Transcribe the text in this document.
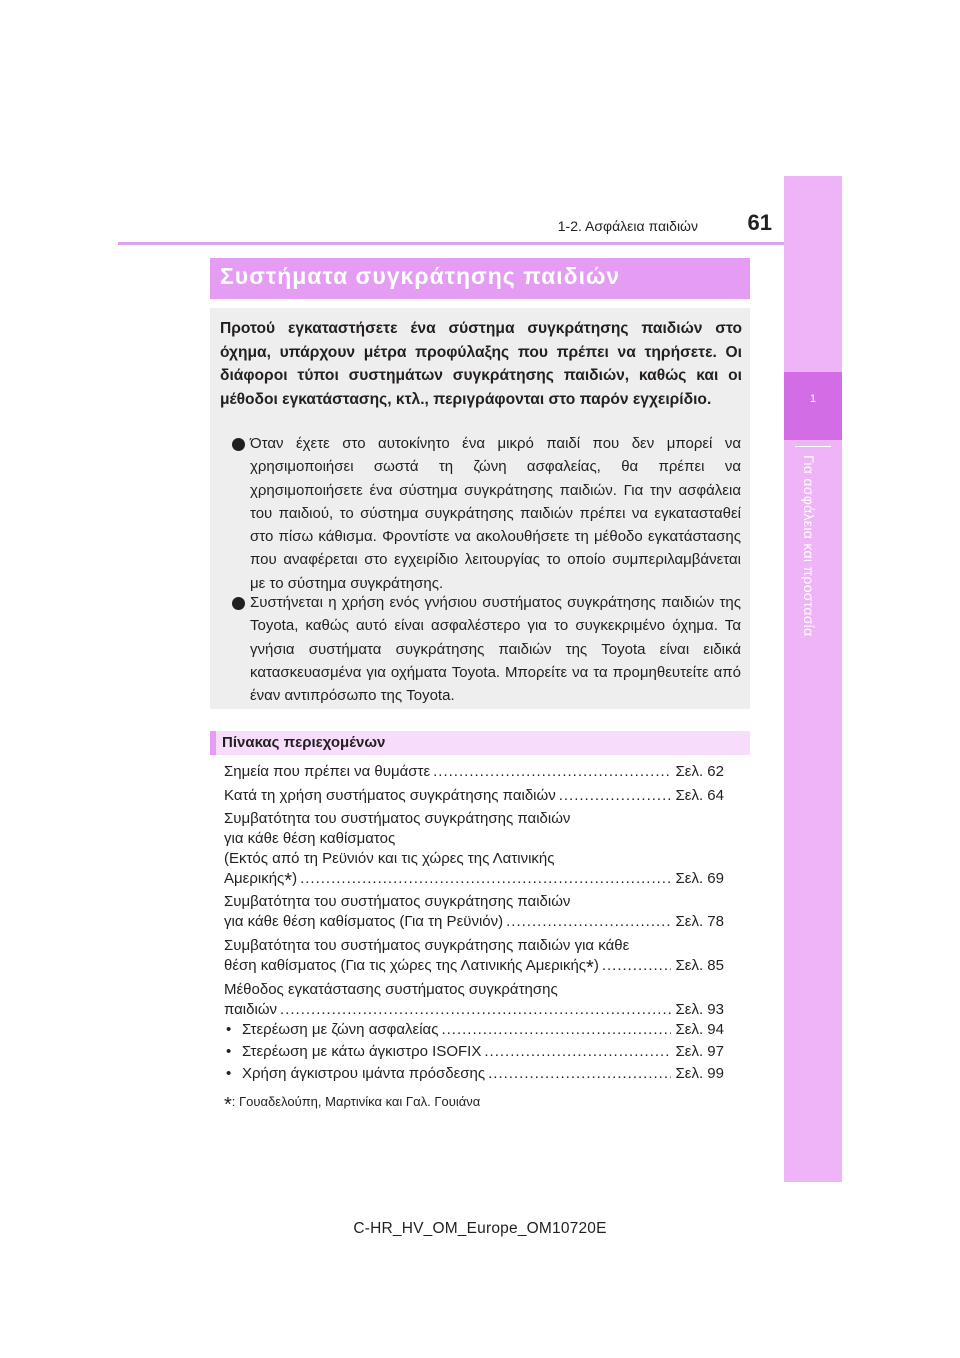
1-2. Ασφάλεια παιδιών 61
1
Για ασφάλεια και προστασία
Συστήματα συγκράτησης παιδιών

Προτού εγκαταστήσετε ένα σύστημα συγκράτησης παιδιών στο όχημα, υπάρχουν μέτρα προφύλαξης που πρέπει να τηρήσετε. Οι διάφοροι τύποι συστημάτων συγκράτησης παιδιών, καθώς και οι μέθοδοι εγκατάστασης, κτλ., περιγράφονται στο παρόν εγχειρίδιο.

Όταν έχετε στο αυτοκίνητο ένα μικρό παιδί που δεν μπορεί να χρησιμοποιήσει σωστά τη ζώνη ασφαλείας, θα πρέπει να χρησιμοποιήσετε ένα σύστημα συγκράτησης παιδιών. Για την ασφάλεια του παιδιού, το σύστημα συγκράτησης παιδιών πρέπει να εγκατασταθεί στο πίσω κάθισμα. Φροντίστε να ακολουθήσετε τη μέθοδο εγκατάστασης που αναφέρεται στο εγχειρίδιο λειτουργίας το οποίο συμπεριλαμβάνεται με το σύστημα συγκράτησης.

Συστήνεται η χρήση ενός γνήσιου συστήματος συγκράτησης παιδιών της Toyota, καθώς αυτό είναι ασφαλέστερο για το συγκεκριμένο όχημα. Τα γνήσια συστήματα συγκράτησης παιδιών της Toyota είναι ειδικά κατασκευασμένα για οχήματα Toyota. Μπορείτε να τα προμηθευτείτε από έναν αντιπρόσωπο της Toyota.

Πίνακας περιεχομένων
Σημεία που πρέπει να θυμάστε .....	Σελ. 62
Κατά τη χρήση συστήματος συγκράτησης παιδιών .....	Σελ. 64
Συμβατότητα του συστήματος συγκράτησης παιδιών
για κάθε θέση καθίσματος
(Εκτός από τη Ρεϋνιόν και τις χώρες της Λατινικής
Αμερικής*) .....	Σελ. 69
Συμβατότητα του συστήματος συγκράτησης παιδιών
για κάθε θέση καθίσματος (Για τη Ρεϋνιόν) .....	Σελ. 78
Συμβατότητα του συστήματος συγκράτησης παιδιών για κάθε
θέση καθίσματος (Για τις χώρες της Λατινικής Αμερικής*) .....	Σελ. 85
Μέθοδος εγκατάστασης συστήματος συγκράτησης
παιδιών .....	Σελ. 93
• Στερέωση με ζώνη ασφαλείας .....	Σελ. 94
• Στερέωση με κάτω άγκιστρο ISOFIX .....	Σελ. 97
• Χρήση άγκιστρου ιμάντα πρόσδεσης .....	Σελ. 99
*: Γουαδελούπη, Μαρτινίκα και Γαλ. Γουιάνα
C-HR_HV_OM_Europe_OM10720E
